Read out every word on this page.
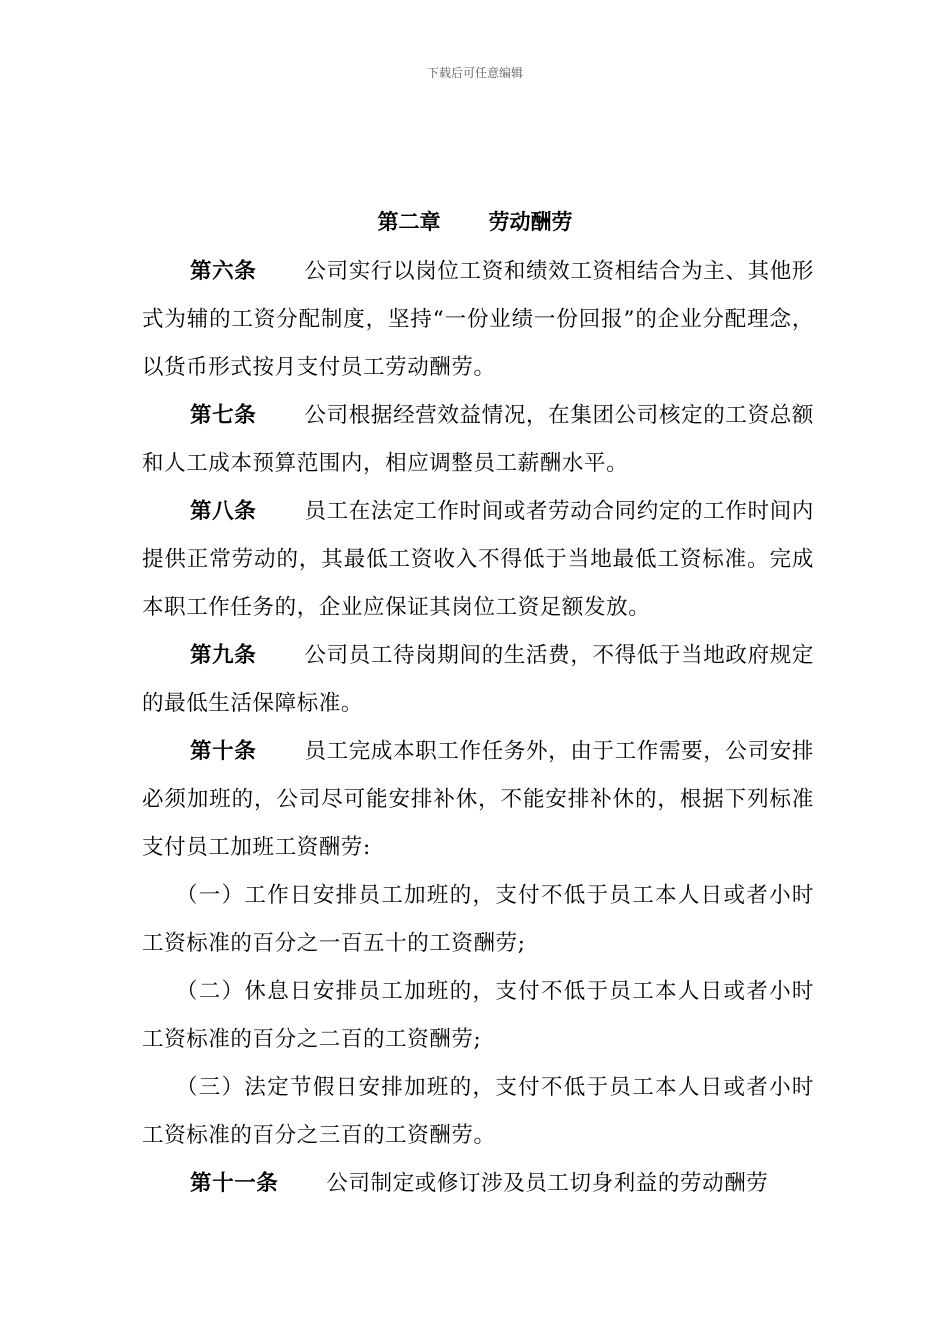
下载后可任意编辑
第二章 劳动酬劳

第六条 公司实行以岗位工资和绩效工资相结合为主、其他形式为辅的工资分配制度，坚持“一份业绩一份回报”的企业分配理念，以货币形式按月支付员工劳动酬劳。

第七条 公司根据经营效益情况，在集团公司核定的工资总额和人工成本预算范围内，相应调整员工薪酬水平。

第八条 员工在法定工作时间或者劳动合同约定的工作时间内提供正常劳动的，其最低工资收入不得低于当地最低工资标准。完成本职工作任务的，企业应保证其岗位工资足额发放。

第九条 公司员工待岗期间的生活费，不得低于当地政府规定的最低生活保障标准。

第十条 员工完成本职工作任务外，由于工作需要，公司安排必须加班的，公司尽可能安排补休，不能安排补休的，根据下列标准支付员工加班工资酬劳:

（一）工作日安排员工加班的，支付不低于员工本人日或者小时工资标准的百分之一百五十的工资酬劳;

（二）休息日安排员工加班的，支付不低于员工本人日或者小时工资标准的百分之二百的工资酬劳;

（三）法定节假日安排加班的，支付不低于员工本人日或者小时工资标准的百分之三百的工资酬劳。

第十一条 公司制定或修订涉及员工切身利益的劳动酬劳
